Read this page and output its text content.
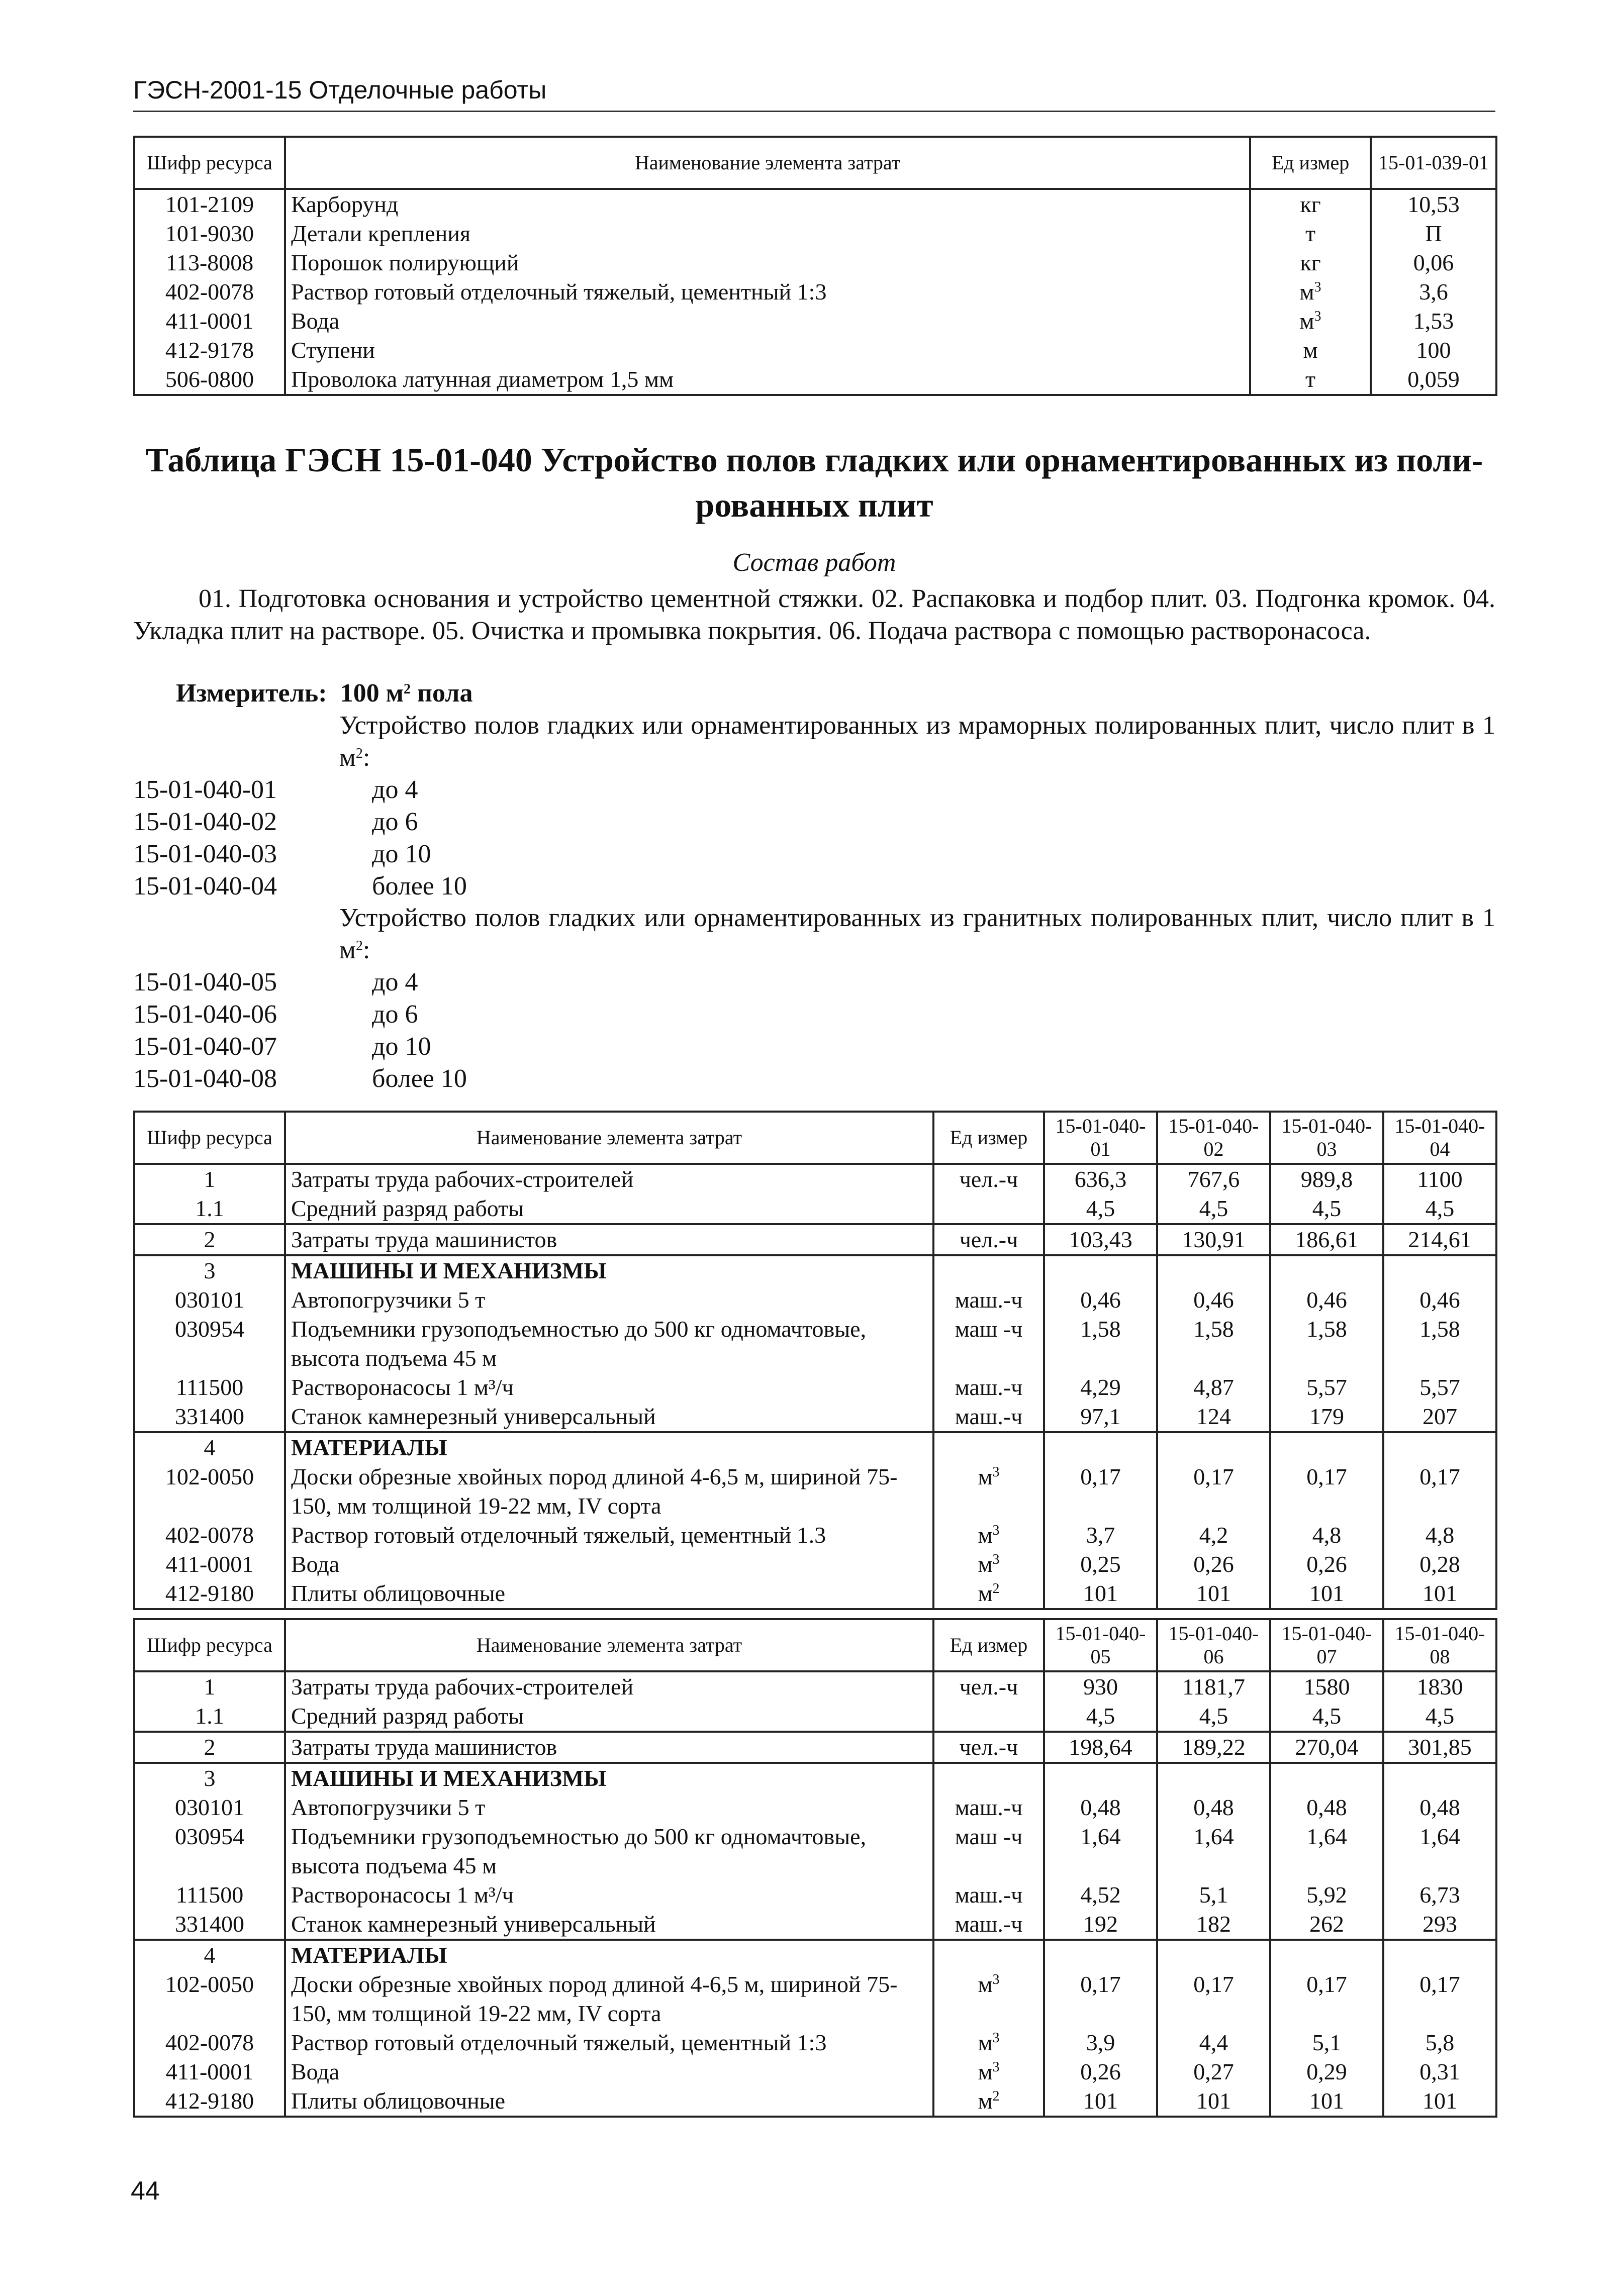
ГЭСН-2001-15 Отделочные работы
Шифр ресурса	Наименование элемента затрат	Ед измер	15-01-039-01
101-2109	Карборунд	кг	10,53
101-9030	Детали крепления	т	П
113-8008	Порошок полирующий	кг	0,06
402-0078	Раствор готовый отделочный тяжелый, цементный 1:3	$м^3$	3,6
411-0001	Вода	$м^3$	1,53
412-9178	Ступени	м	100
506-0800	Проволока латунная диаметром 1,5 мм	т	0,059
Таблица ГЭСН 15-01-040 Устройство полов гладких или орнаментированных из поли-
рованных плит
Состав работ
01. Подготовка основания и устройство цементной стяжки. 02. Распаковка и подбор плит. 03. Подгонка кромок. 04. Укладка плит на растворе. 05. Очистка и промывка покрытия. 06. Подача раствора с помощью растворонасоса.
Измеритель: 100 $м^2$ пола
Устройство полов гладких или орнаментированных из мраморных полированных плит, число плит в 1 $м^2$:
15-01-040-01	до 4
15-01-040-02	до 6
15-01-040-03	до 10
15-01-040-04	более 10
Устройство полов гладких или орнаментированных из гранитных полированных плит, число плит в 1 $м^2$:
15-01-040-05	до 4
15-01-040-06	до 6
15-01-040-07	до 10
15-01-040-08	более 10
Шифр ресурса	Наименование элемента затрат	Ед измер	15-01-040-01	15-01-040-02	15-01-040-03	15-01-040-04
1	Затраты труда рабочих-строителей	чел.-ч	636,3	767,6	989,8	1100
1.1	Средний разряд работы		4,5	4,5	4,5	4,5
2	Затраты труда машинистов	чел.-ч	103,43	130,91	186,61	214,61
3	МАШИНЫ И МЕХАНИЗМЫ					
030101	Автопогрузчики 5 т	маш.-ч	0,46	0,46	0,46	0,46
030954	Подъемники грузоподъемностью до 500 кг одномачтовые, высота подъема 45 м	маш -ч	1,58	1,58	1,58	1,58
111500	Растворонасосы 1 м³/ч	маш.-ч	4,29	4,87	5,57	5,57
331400	Станок камнерезный универсальный	маш.-ч	97,1	124	179	207
4	МАТЕРИАЛЫ					
102-0050	Доски обрезные хвойных пород длиной 4-6,5 м, шириной 75-150, мм толщиной 19-22 мм, IV сорта	$м^3$	0,17	0,17	0,17	0,17
402-0078	Раствор готовый отделочный тяжелый, цементный 1.3	$м^3$	3,7	4,2	4,8	4,8
411-0001	Вода	$м^3$	0,25	0,26	0,26	0,28
412-9180	Плиты облицовочные	$м^2$	101	101	101	101
Шифр ресурса	Наименование элемента затрат	Ед измер	15-01-040-05	15-01-040-06	15-01-040-07	15-01-040-08
1	Затраты труда рабочих-строителей	чел.-ч	930	1181,7	1580	1830
1.1	Средний разряд работы		4,5	4,5	4,5	4,5
2	Затраты труда машинистов	чел.-ч	198,64	189,22	270,04	301,85
3	МАШИНЫ И МЕХАНИЗМЫ					
030101	Автопогрузчики 5 т	маш.-ч	0,48	0,48	0,48	0,48
030954	Подъемники грузоподъемностью до 500 кг одномачтовые, высота подъема 45 м	маш -ч	1,64	1,64	1,64	1,64
111500	Растворонасосы 1 м³/ч	маш.-ч	4,52	5,1	5,92	6,73
331400	Станок камнерезный универсальный	маш.-ч	192	182	262	293
4	МАТЕРИАЛЫ					
102-0050	Доски обрезные хвойных пород длиной 4-6,5 м, шириной 75-150, мм толщиной 19-22 мм, IV сорта	$м^3$	0,17	0,17	0,17	0,17
402-0078	Раствор готовый отделочный тяжелый, цементный 1:3	$м^3$	3,9	4,4	5,1	5,8
411-0001	Вода	$м^3$	0,26	0,27	0,29	0,31
412-9180	Плиты облицовочные	$м^2$	101	101	101	101
44
